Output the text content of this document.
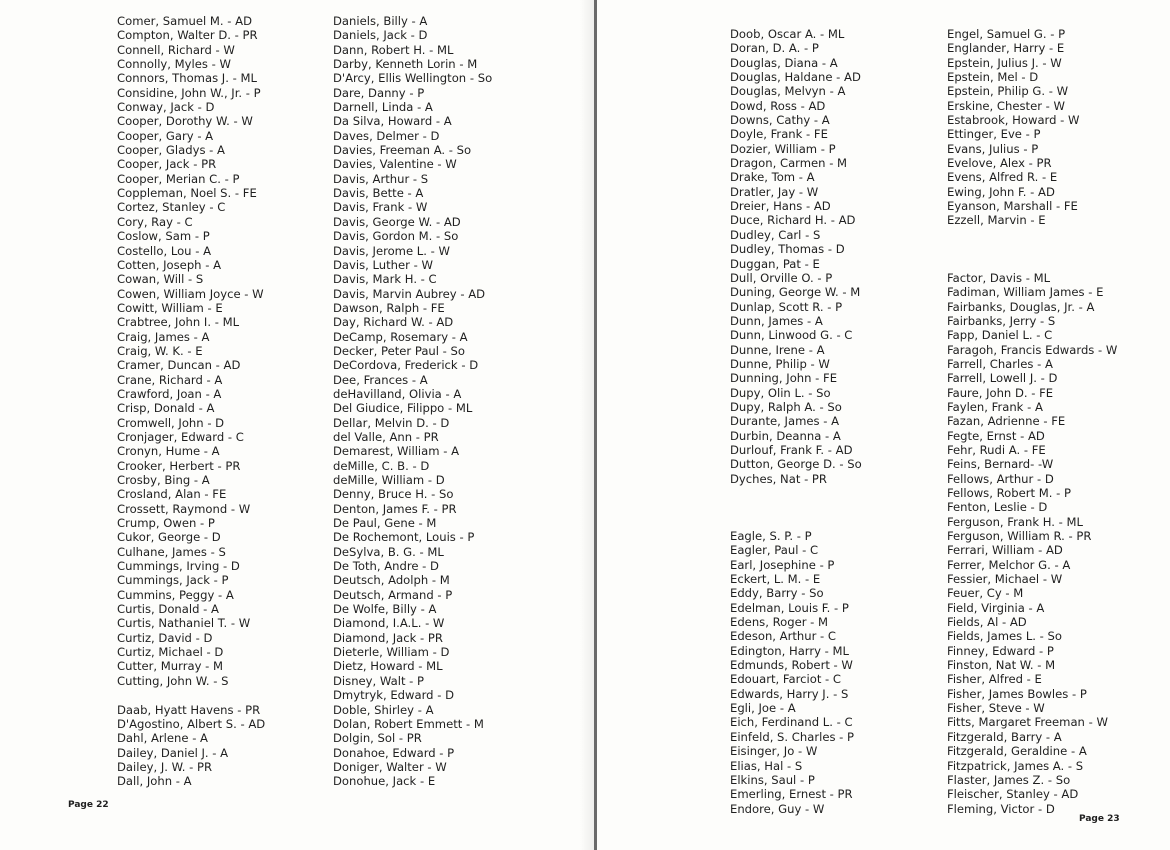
Comer, Samuel M. - AD
Compton, Walter D. - PR
Connell, Richard - W
Connolly, Myles - W
Connors, Thomas J. - ML
Considine, John W., Jr. - P
Conway, Jack - D
Cooper, Dorothy W. - W
Cooper, Gary - A
Cooper, Gladys - A
Cooper, Jack - PR
Cooper, Merian C. - P
Coppleman, Noel S. - FE
Cortez, Stanley - C
Cory, Ray - C
Coslow, Sam - P
Costello, Lou - A
Cotten, Joseph - A
Cowan, Will - S
Cowen, William Joyce - W
Cowitt, William - E
Crabtree, John I. - ML
Craig, James - A
Craig, W. K. - E
Cramer, Duncan - AD
Crane, Richard - A
Crawford, Joan - A
Crisp, Donald - A
Cromwell, John - D
Cronjager, Edward - C
Cronyn, Hume - A
Crooker, Herbert - PR
Crosby, Bing - A
Crosland, Alan - FE
Crossett, Raymond - W
Crump, Owen - P
Cukor, George - D
Culhane, James - S
Cummings, Irving - D
Cummings, Jack - P
Cummins, Peggy - A
Curtis, Donald - A
Curtis, Nathaniel T. - W
Curtiz, David - D
Curtiz, Michael - D
Cutter, Murray - M
Cutting, John W. - S
Daab, Hyatt Havens - PR
D'Agostino, Albert S. - AD
Dahl, Arlene - A
Dailey, Daniel J. - A
Dailey, J. W. - PR
Dall, John - A
Daniels, Billy - A
Daniels, Jack - D
Dann, Robert H. - ML
Darby, Kenneth Lorin - M
D'Arcy, Ellis Wellington - So
Dare, Danny - P
Darnell, Linda - A
Da Silva, Howard - A
Daves, Delmer - D
Davies, Freeman A. - So
Davies, Valentine - W
Davis, Arthur - S
Davis, Bette - A
Davis, Frank - W
Davis, George W. - AD
Davis, Gordon M. - So
Davis, Jerome L. - W
Davis, Luther - W
Davis, Mark H. - C
Davis, Marvin Aubrey - AD
Dawson, Ralph - FE
Day, Richard W. - AD
DeCamp, Rosemary - A
Decker, Peter Paul - So
DeCordova, Frederick - D
Dee, Frances - A
deHavilland, Olivia - A
Del Giudice, Filippo - ML
Dellar, Melvin D. - D
del Valle, Ann - PR
Demarest, William - A
deMille, C. B. - D
deMille, William - D
Denny, Bruce H. - So
Denton, James F. - PR
De Paul, Gene - M
De Rochemont, Louis - P
DeSylva, B. G. - ML
De Toth, Andre - D
Deutsch, Adolph - M
Deutsch, Armand - P
De Wolfe, Billy - A
Diamond, I.A.L. - W
Diamond, Jack - PR
Dieterle, William - D
Dietz, Howard - ML
Disney, Walt - P
Dmytryk, Edward - D
Doble, Shirley - A
Dolan, Robert Emmett - M
Dolgin, Sol - PR
Donahoe, Edward - P
Doniger, Walter - W
Donohue, Jack - E
Doob, Oscar A. - ML
Doran, D. A. - P
Douglas, Diana - A
Douglas, Haldane - AD
Douglas, Melvyn - A
Dowd, Ross - AD
Downs, Cathy - A
Doyle, Frank - FE
Dozier, William - P
Dragon, Carmen - M
Drake, Tom - A
Dratler, Jay - W
Dreier, Hans - AD
Duce, Richard H. - AD
Dudley, Carl - S
Dudley, Thomas - D
Duggan, Pat - E
Dull, Orville O. - P
Duning, George W. - M
Dunlap, Scott R. - P
Dunn, James - A
Dunn, Linwood G. - C
Dunne, Irene - A
Dunne, Philip - W
Dunning, John - FE
Dupy, Olin L. - So
Dupy, Ralph A. - So
Durante, James - A
Durbin, Deanna - A
Durlouf, Frank F. - AD
Dutton, George D. - So
Dyches, Nat - PR
Eagle, S. P. - P
Eagler, Paul - C
Earl, Josephine - P
Eckert, L. M. - E
Eddy, Barry - So
Edelman, Louis F. - P
Edens, Roger - M
Edeson, Arthur - C
Edington, Harry - ML
Edmunds, Robert - W
Edouart, Farciot - C
Edwards, Harry J. - S
Egli, Joe - A
Eich, Ferdinand L. - C
Einfeld, S. Charles - P
Eisinger, Jo - W
Elias, Hal - S
Elkins, Saul - P
Emerling, Ernest - PR
Endore, Guy - W
Engel, Samuel G. - P
Englander, Harry - E
Epstein, Julius J. - W
Epstein, Mel - D
Epstein, Philip G. - W
Erskine, Chester - W
Estabrook, Howard - W
Ettinger, Eve - P
Evans, Julius - P
Evelove, Alex - PR
Evens, Alfred R. - E
Ewing, John F. - AD
Eyanson, Marshall - FE
Ezzell, Marvin - E
Factor, Davis - ML
Fadiman, William James - E
Fairbanks, Douglas, Jr. - A
Fairbanks, Jerry - S
Fapp, Daniel L. - C
Faragoh, Francis Edwards - W
Farrell, Charles - A
Farrell, Lowell J. - D
Faure, John D. - FE
Faylen, Frank - A
Fazan, Adrienne - FE
Fegte, Ernst - AD
Fehr, Rudi A. - FE
Feins, Bernard- -W
Fellows, Arthur - D
Fellows, Robert M. - P
Fenton, Leslie - D
Ferguson, Frank H. - ML
Ferguson, William R. - PR
Ferrari, William - AD
Ferrer, Melchor G. - A
Fessier, Michael - W
Feuer, Cy - M
Field, Virginia - A
Fields, Al - AD
Fields, James L. - So
Finney, Edward - P
Finston, Nat W. - M
Fisher, Alfred - E
Fisher, James Bowles - P
Fisher, Steve - W
Fitts, Margaret Freeman - W
Fitzgerald, Barry - A
Fitzgerald, Geraldine - A
Fitzpatrick, James A. - S
Flaster, James Z. - So
Fleischer, Stanley - AD
Fleming, Victor - D
Page 22
Page 23
